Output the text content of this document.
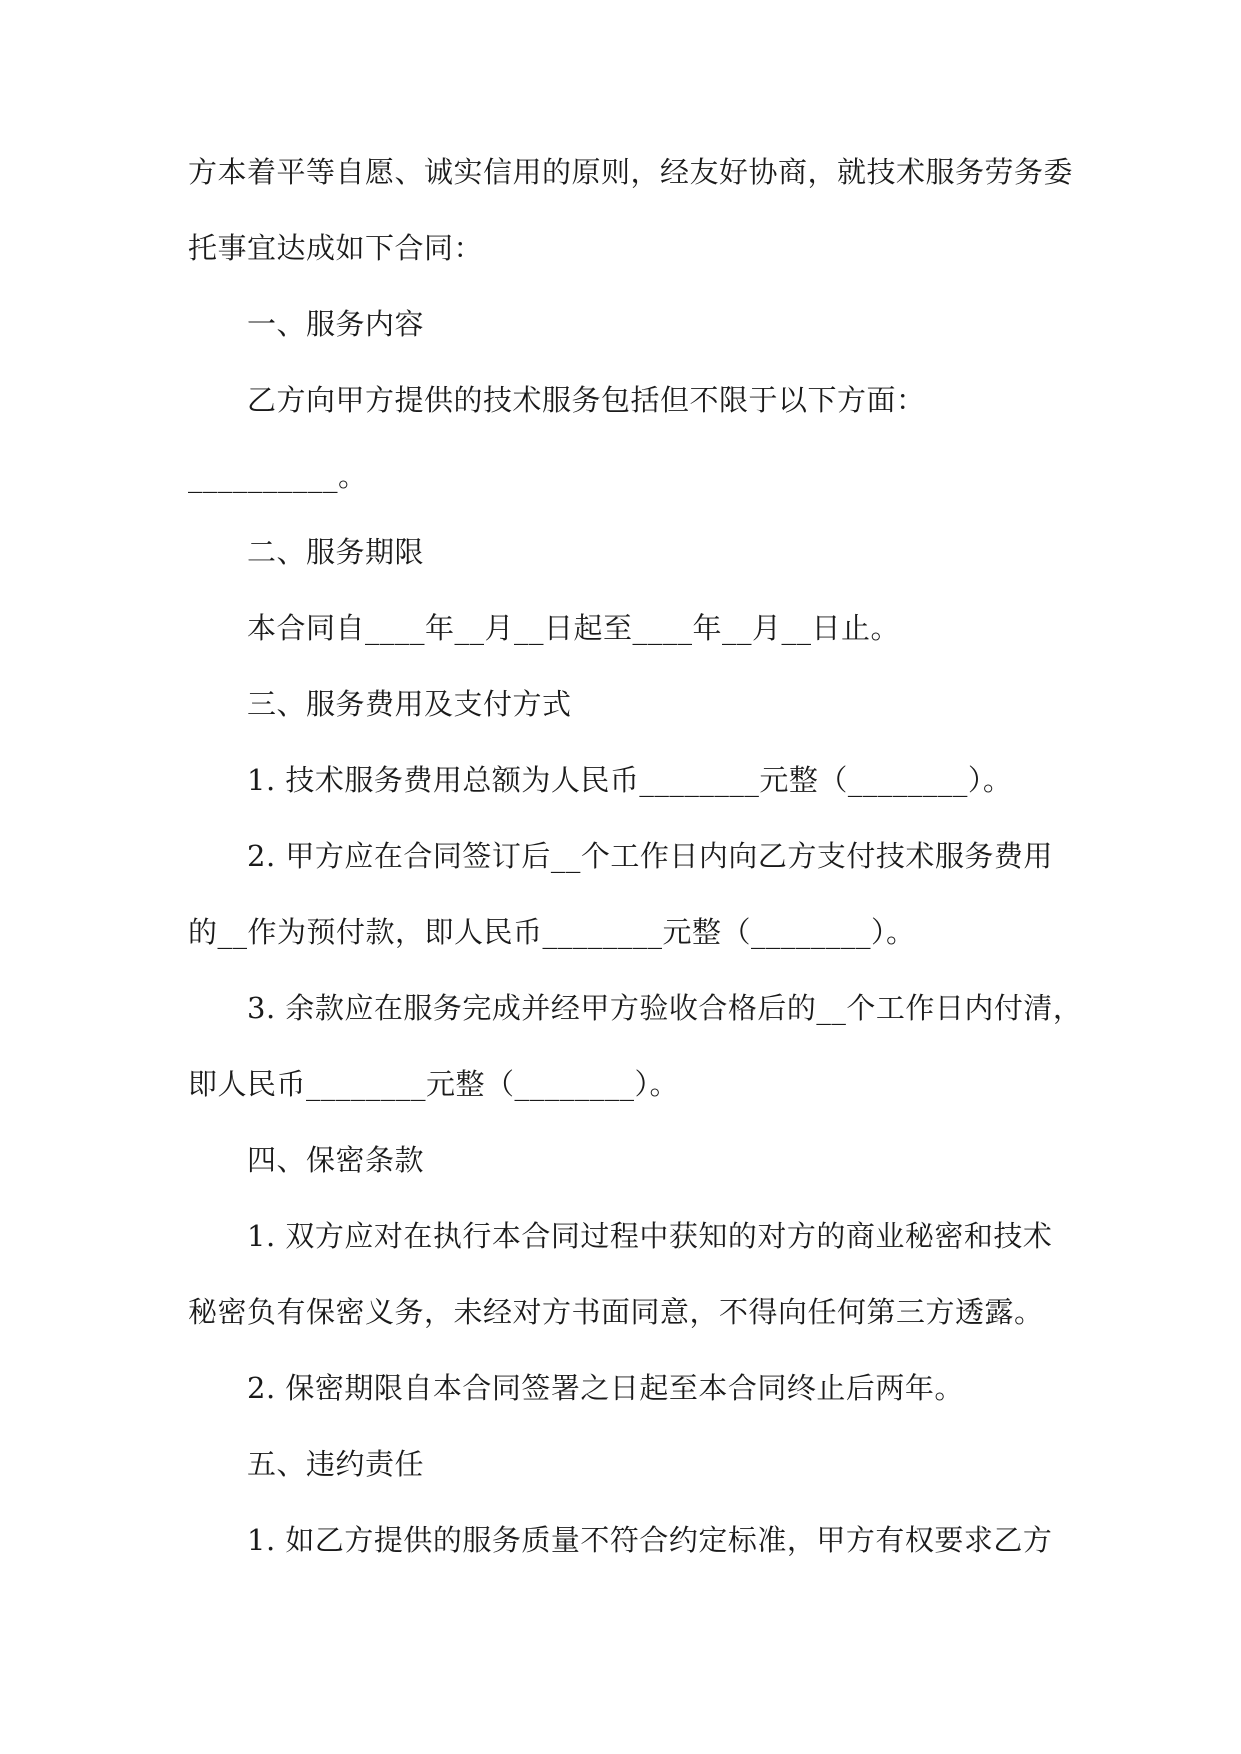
方本着平等自愿、诚实信用的原则，经友好协商，就技术服务劳务委
托事宜达成如下合同：
一、服务内容
乙方向甲方提供的技术服务包括但不限于以下方面：
__________。
二、服务期限
本合同自____年__月__日起至____年__月__日止。
三、服务费用及支付方式
1. 技术服务费用总额为人民币________元整（________）。
2. 甲方应在合同签订后__个工作日内向乙方支付技术服务费用
的__作为预付款，即人民币________元整（________）。
3. 余款应在服务完成并经甲方验收合格后的__个工作日内付清，
即人民币________元整（________）。
四、保密条款
1. 双方应对在执行本合同过程中获知的对方的商业秘密和技术
秘密负有保密义务，未经对方书面同意，不得向任何第三方透露。
2. 保密期限自本合同签署之日起至本合同终止后两年。
五、违约责任
1. 如乙方提供的服务质量不符合约定标准，甲方有权要求乙方
